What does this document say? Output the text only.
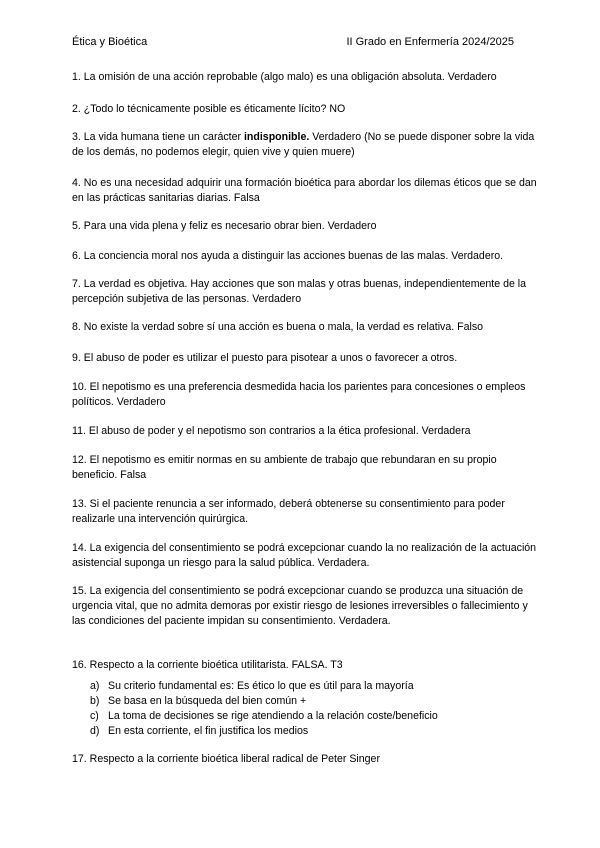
Ética y Bioética	II Grado en Enfermería 2024/2025

1. La omisión de una acción reprobable (algo malo) es una obligación absoluta. Verdadero

2. ¿Todo lo técnicamente posible es éticamente lícito? NO

3. La vida humana tiene un carácter indisponible. Verdadero (No se puede disponer sobre la vida de los demás, no podemos elegir, quien vive y quien muere)

4. No es una necesidad adquirir una formación bioética para abordar los dilemas éticos que se dan en las prácticas sanitarias diarias. Falsa

5. Para una vida plena y feliz es necesario obrar bien. Verdadero

6. La conciencia moral nos ayuda a distinguir las acciones buenas de las malas. Verdadero.

7. La verdad es objetiva. Hay acciones que son malas y otras buenas, independientemente de la percepción subjetiva de las personas. Verdadero

8. No existe la verdad sobre sí una acción es buena o mala, la verdad es relativa. Falso

9. El abuso de poder es utilizar el puesto para pisotear a unos o favorecer a otros.

10. El nepotismo es una preferencia desmedida hacia los parientes para concesiones o empleos políticos. Verdadero

11. El abuso de poder y el nepotismo son contrarios a la ética profesional. Verdadera

12. El nepotismo es emitir normas en su ambiente de trabajo que rebundaran en su propio beneficio. Falsa

13. Si el paciente renuncia a ser informado, deberá obtenerse su consentimiento para poder realizarle una intervención quirúrgica.

14. La exigencia del consentimiento se podrá excepcionar cuando la no realización de la actuación asistencial suponga un riesgo para la salud pública. Verdadera.

15. La exigencia del consentimiento se podrá excepcionar cuando se produzca una situación de urgencia vital, que no admita demoras por existir riesgo de lesiones irreversibles o fallecimiento y las condiciones del paciente impidan su consentimiento. Verdadera.

16. Respecto a la corriente bioética utilitarista. FALSA. T3

a) Su criterio fundamental es: Es ético lo que es útil para la mayoría
b) Se basa en la búsqueda del bien común +
c) La toma de decisiones se rige atendiendo a la relación coste/beneficio
d) En esta corriente, el fin justifica los medios

17. Respecto a la corriente bioética liberal radical de Peter Singer
